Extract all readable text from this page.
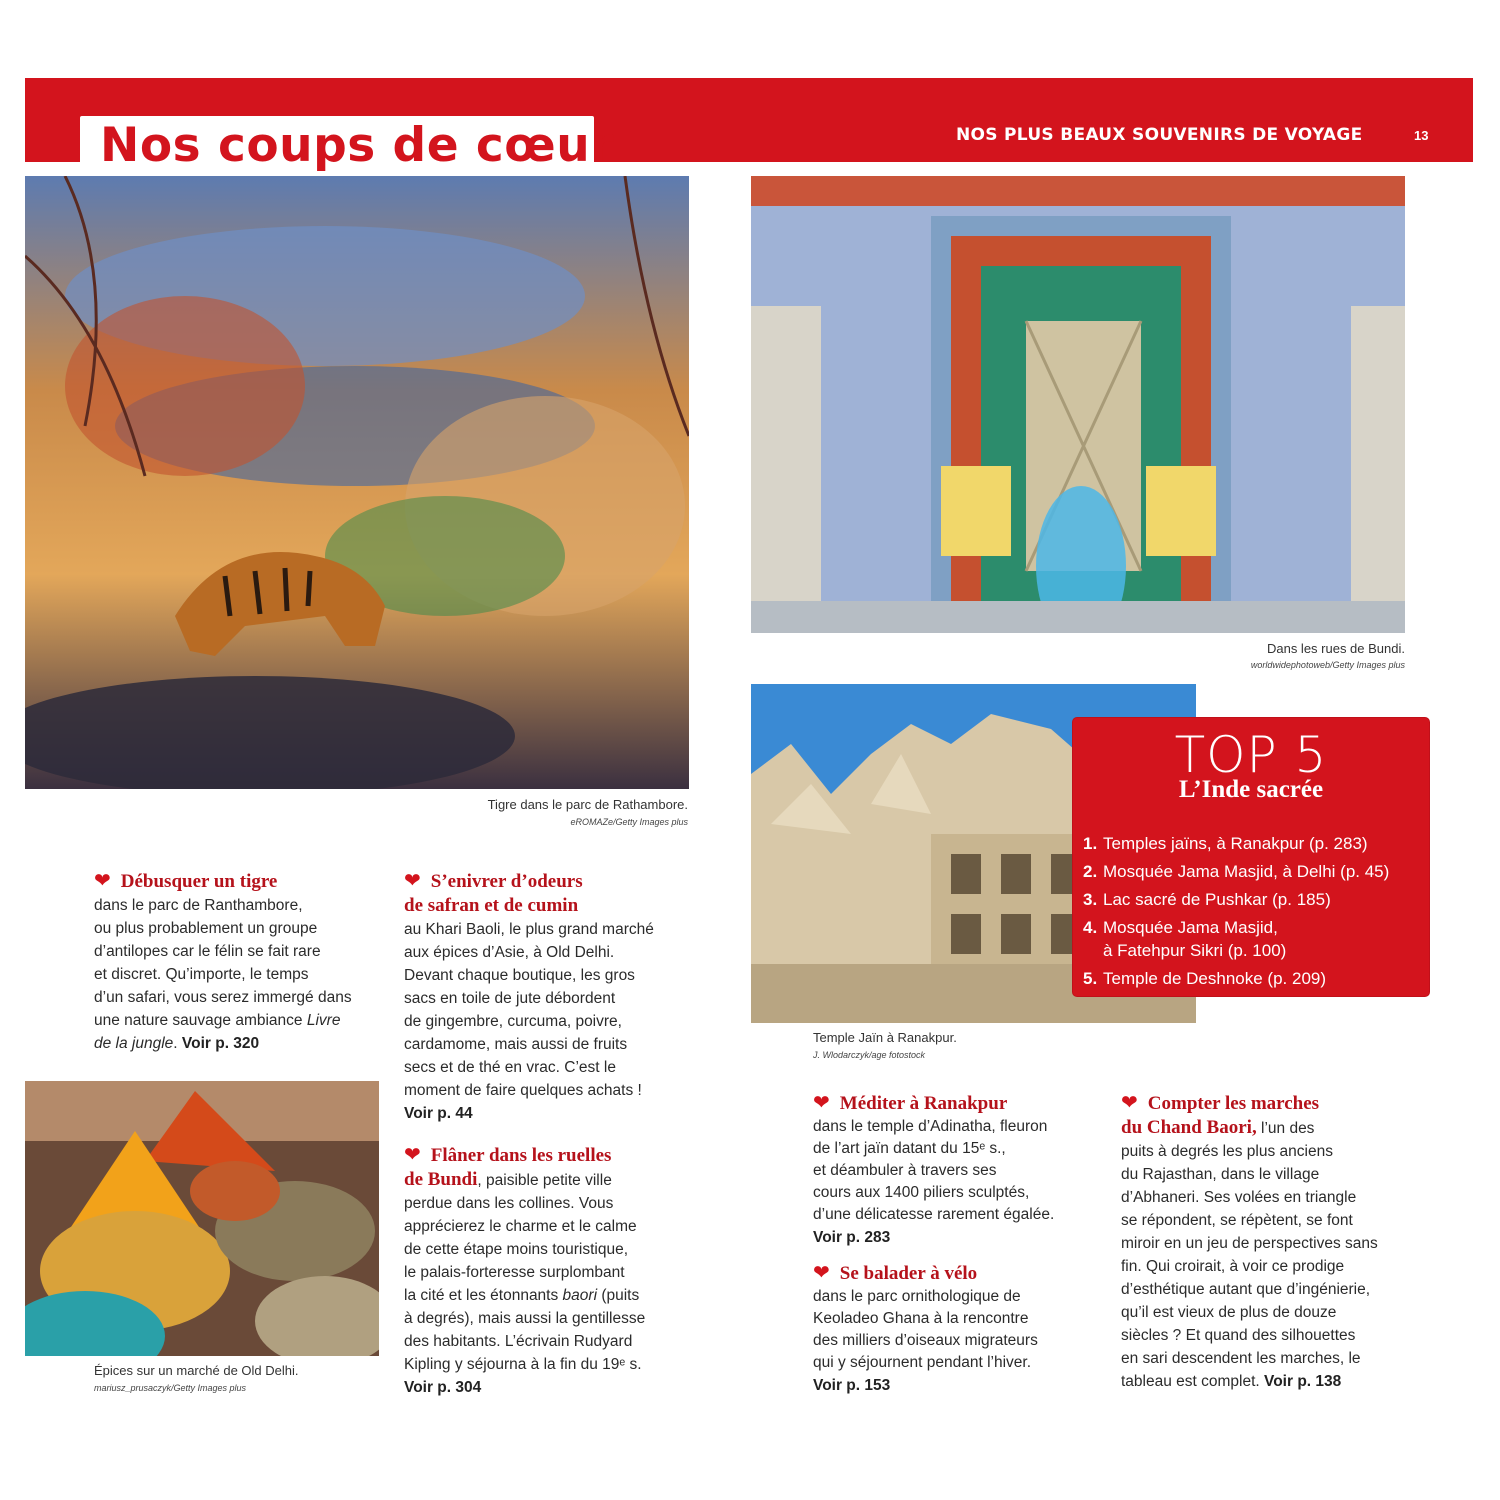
Nos coups de cœur	NOS PLUS BEAUX SOUVENIRS DE VOYAGE	13
Tigre dans le parc de Rathambore.
eROMAZe/Getty Images plus
Dans les rues de Bundi.
worldwidephotoweb/Getty Images plus
Temple Jaïn à Ranakpur.
J. Wlodarczyk/age fotostock
Épices sur un marché de Old Delhi.
mariusz_prusaczyk/Getty Images plus
TOP 5
L’Inde sacrée
1. Temples jaïns, à Ranakpur (p. 283)
2. Mosquée Jama Masjid, à Delhi (p. 45)
3. Lac sacré de Pushkar (p. 185)
4. Mosquée Jama Masjid,
à Fatehpur Sikri (p. 100)
5. Temple de Deshnoke (p. 209)
❤ Débusquer un tigre
dans le parc de Ranthambore,
ou plus probablement un groupe
d’antilopes car le félin se fait rare
et discret. Qu’importe, le temps
d’un safari, vous serez immergé dans
une nature sauvage ambiance Livre
de la jungle. Voir p. 320
❤ S’enivrer d’odeurs
de safran et de cumin
au Khari Baoli, le plus grand marché
aux épices d’Asie, à Old Delhi.
Devant chaque boutique, les gros
sacs en toile de jute débordent
de gingembre, curcuma, poivre,
cardamome, mais aussi de fruits
secs et de thé en vrac. C’est le
moment de faire quelques achats !
Voir p. 44
❤ Flâner dans les ruelles
de Bundi, paisible petite ville
perdue dans les collines. Vous
apprécierez le charme et le calme
de cette étape moins touristique,
le palais-forteresse surplombant
la cité et les étonnants baori (puits
à degrés), mais aussi la gentillesse
des habitants. L’écrivain Rudyard
Kipling y séjourna à la fin du 19ᵉ s.
Voir p. 304
❤ Méditer à Ranakpur
dans le temple d’Adinatha, fleuron
de l’art jaïn datant du 15ᵉ s.,
et déambuler à travers ses
cours aux 1400 piliers sculptés,
d’une délicatesse rarement égalée.
Voir p. 283
❤ Se balader à vélo
dans le parc ornithologique de
Keoladeo Ghana à la rencontre
des milliers d’oiseaux migrateurs
qui y séjournent pendant l’hiver.
Voir p. 153
❤ Compter les marches
du Chand Baori, l’un des
puits à degrés les plus anciens
du Rajasthan, dans le village
d’Abhaneri. Ses volées en triangle
se répondent, se répètent, se font
miroir en un jeu de perspectives sans
fin. Qui croirait, à voir ce prodige
d’esthétique autant que d’ingénierie,
qu’il est vieux de plus de douze
siècles ? Et quand des silhouettes
en sari descendent les marches, le
tableau est complet. Voir p. 138
